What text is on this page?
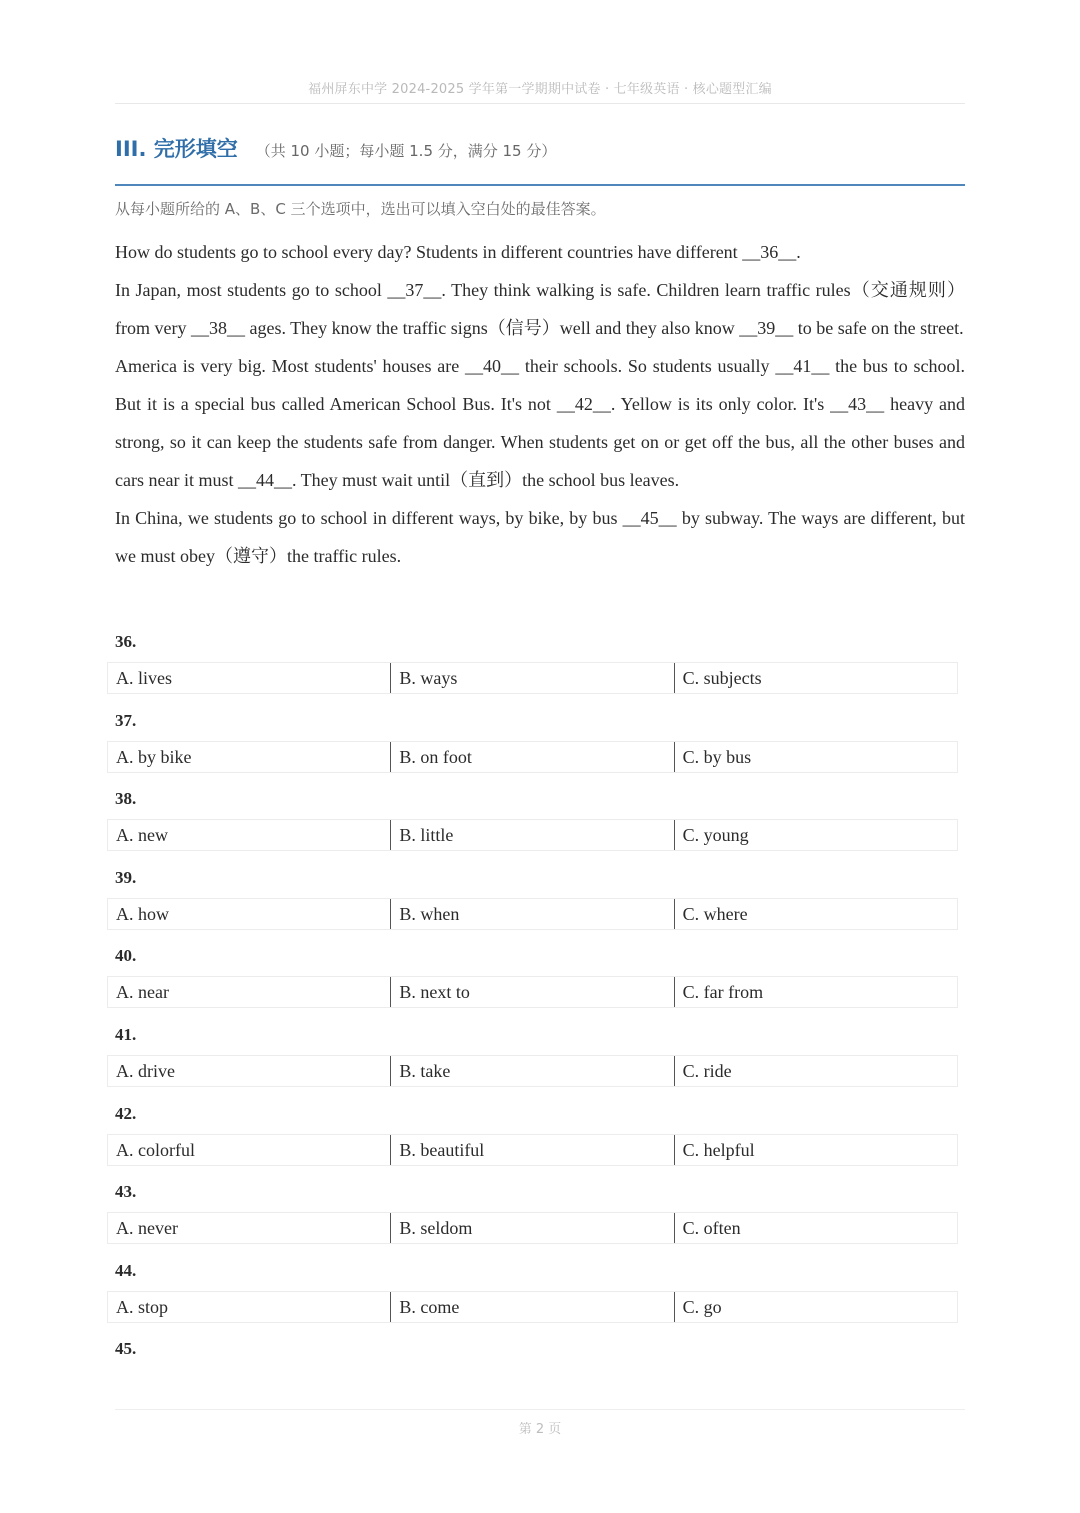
福州屏东中学 2024-2025 学年第一学期期中试卷 · 七年级英语 · 核心题型汇编
III. 完形填空 （共 10 小题；每小题 1.5 分，满分 15 分）
从每小题所给的 A、B、C 三个选项中，选出可以填入空白处的最佳答案。

How do students go to school every day? Students in different countries have different __36__.

In Japan, most students go to school __37__. They think walking is safe. Children learn traffic rules（交通规则）from very __38__ ages. They know the traffic signs（信号）well and they also know __39__ to be safe on the street.

America is very big. Most students' houses are __40__ their schools. So students usually __41__ the bus to school. But it is a special bus called American School Bus. It's not __42__. Yellow is its only color. It's __43__ heavy and strong, so it can keep the students safe from danger. When students get on or get off the bus, all the other buses and cars near it must __44__. They must wait until（直到）the school bus leaves.

In China, we students go to school in different ways, by bike, by bus __45__ by subway. The ways are different, but we must obey（遵守）the traffic rules.

36.
A. lives	B. ways	C. subjects
37.
A. by bike	B. on foot	C. by bus
38.
A. new	B. little	C. young
39.
A. how	B. when	C. where
40.
A. near	B. next to	C. far from
41.
A. drive	B. take	C. ride
42.
A. colorful	B. beautiful	C. helpful
43.
A. never	B. seldom	C. often
44.
A. stop	B. come	C. go
45.
第 2 页
